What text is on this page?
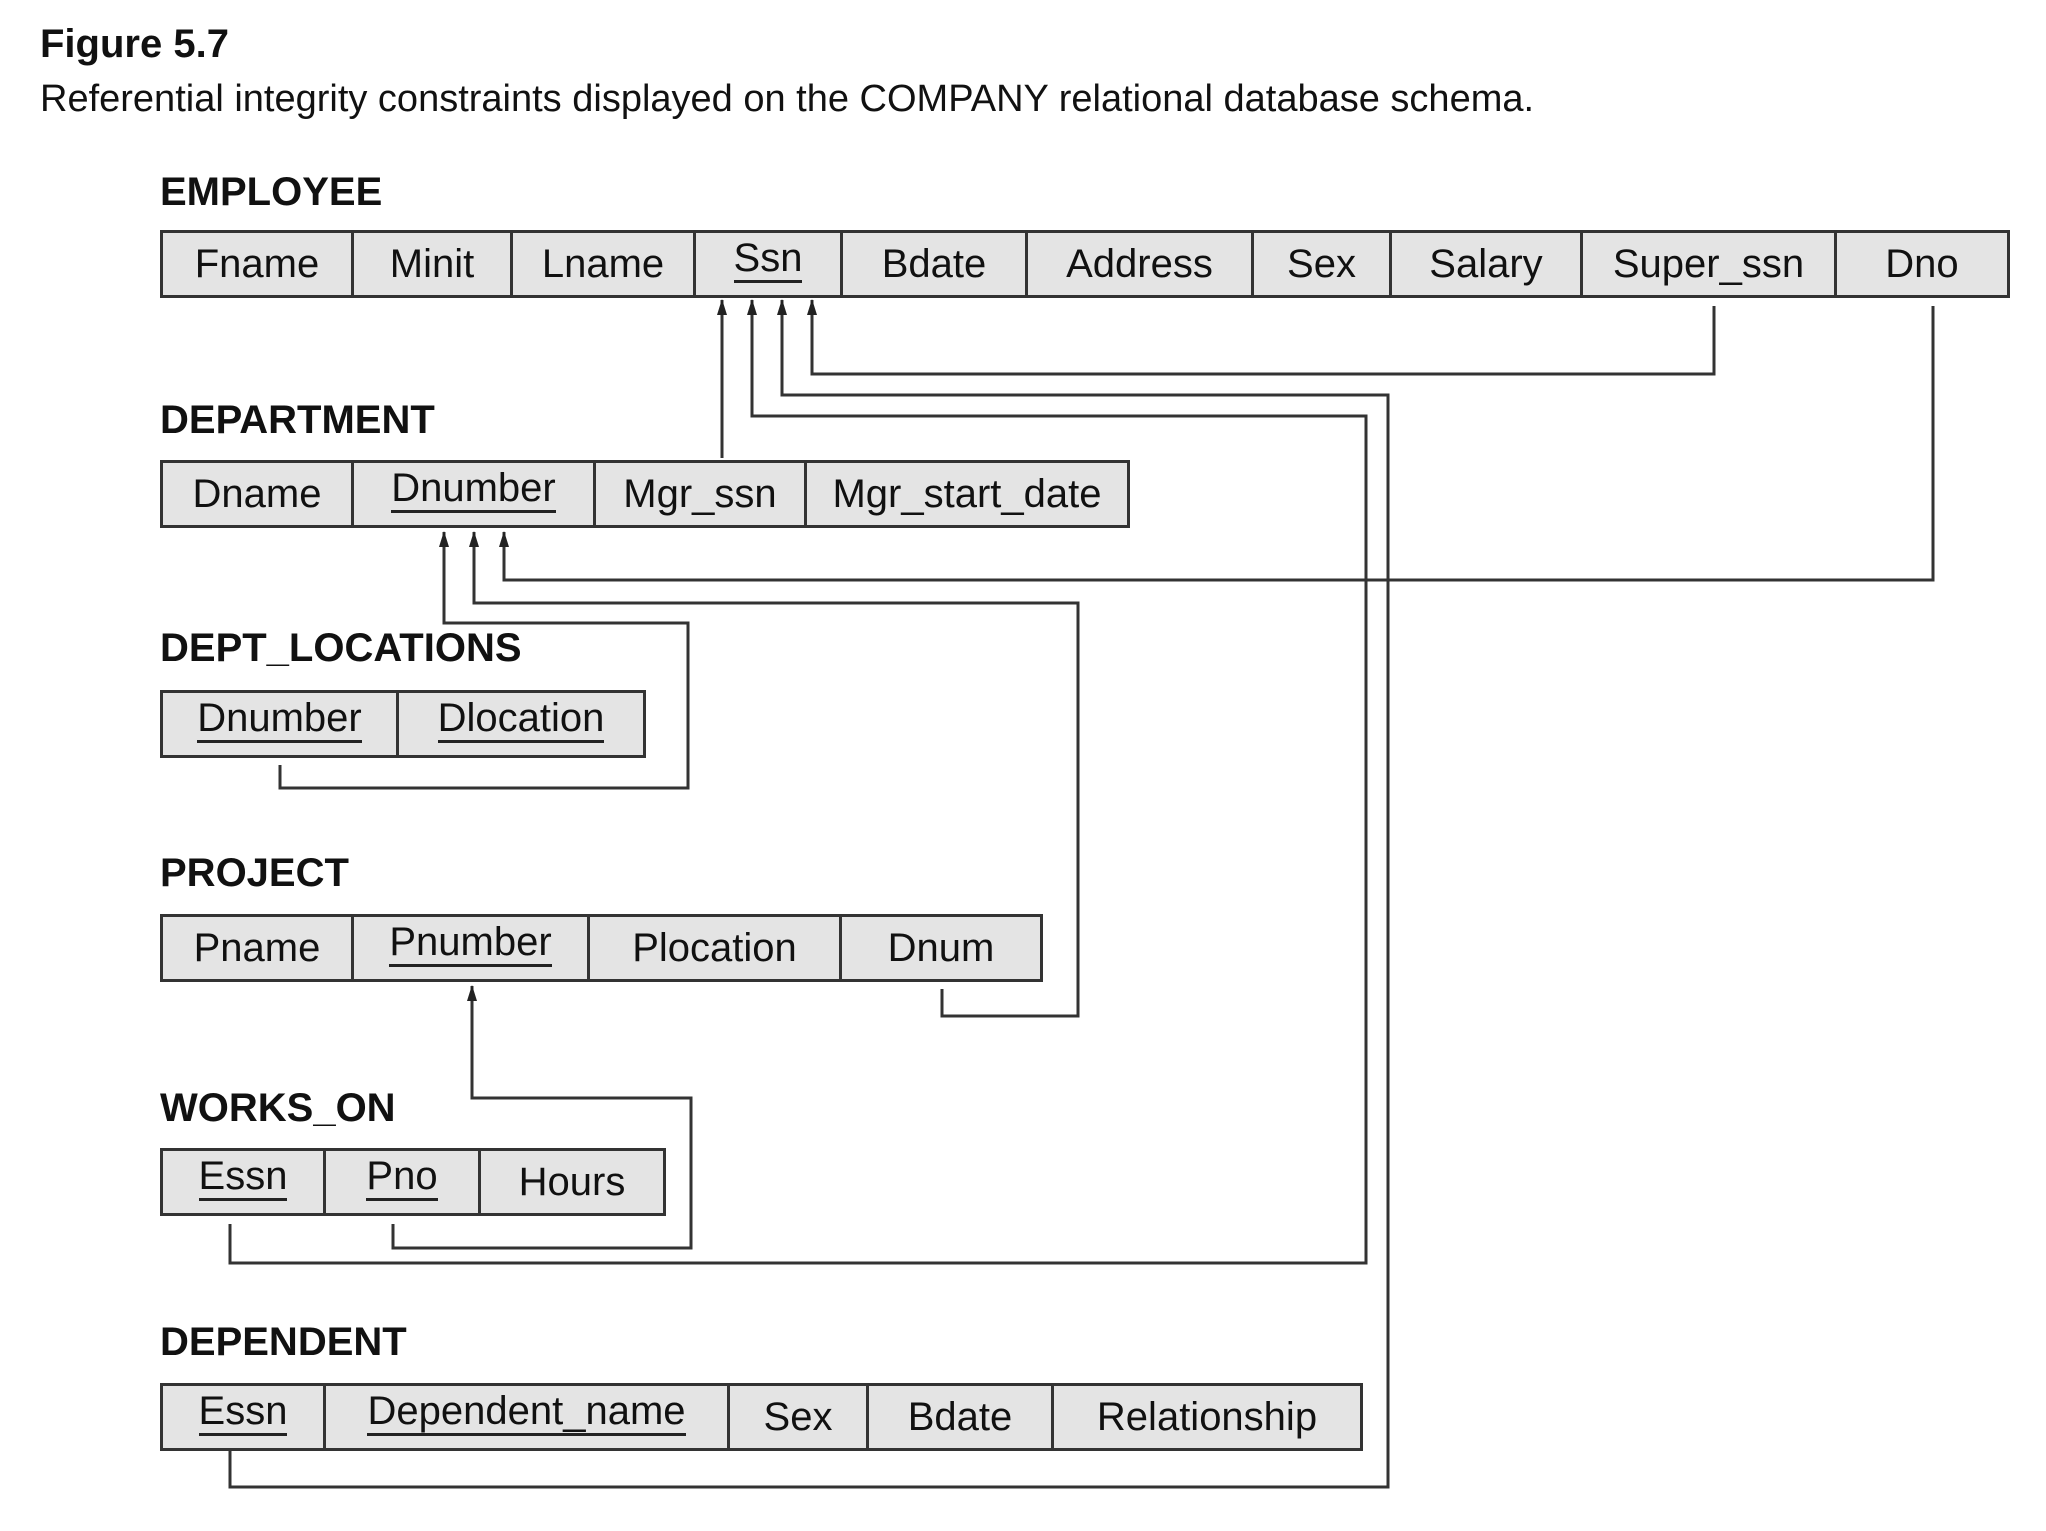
Figure 5.7

Referential integrity constraints displayed on the COMPANY relational database schema.

EMPLOYEE
Fname Minit Lname Ssn Bdate Address Sex Salary Super_ssn Dno
DEPARTMENT
Dname Dnumber Mgr_ssn Mgr_start_date
DEPT_LOCATIONS
Dnumber Dlocation
PROJECT
Pname Pnumber Plocation Dnum
WORKS_ON
Essn Pno Hours
DEPENDENT
Essn Dependent_name Sex Bdate Relationship
